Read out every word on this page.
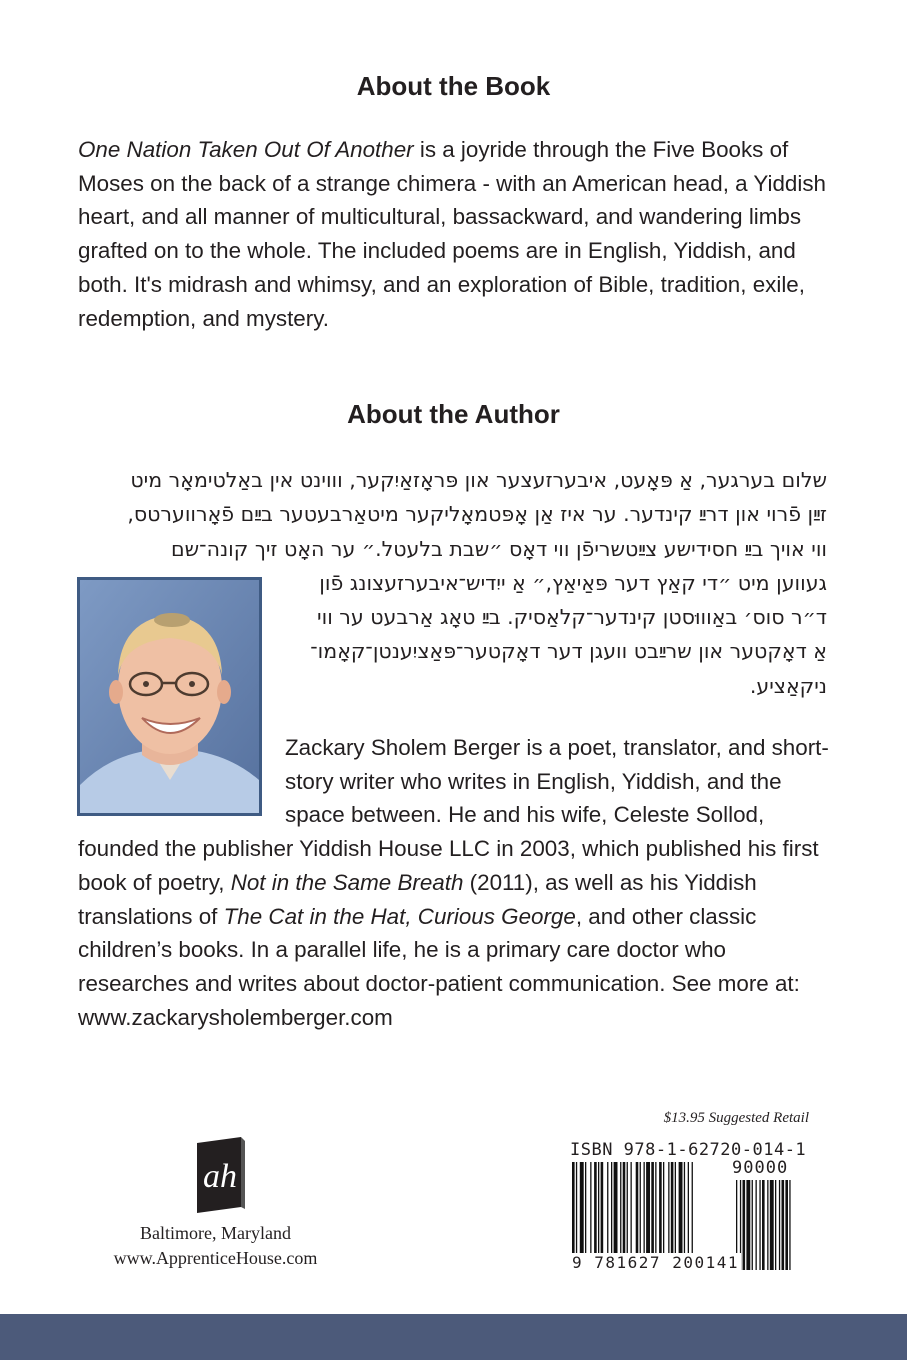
About the Book

One Nation Taken Out Of Another is a joyride through the Five Books of Moses on the back of a strange chimera - with an American head, a Yiddish heart, and all manner of multicultural, bassackward, and wandering limbs grafted on to the whole. The included poems are in English, Yiddish, and both. It's midrash and whimsy, and an exploration of Bible, tradition, exile, redemption, and mystery.

About the Author
שלום בערגער, אַ פּאָעט, איבערזעצער און פּראָזאַיִקער, וווינט אין באַלטימאָר מיט
זײַן פֿרוי און דרײַ קינדער. ער איז אַן אָפּטמאָליקער מיטאַרבעטער בײַם פֿאָרווערטס,
ווי אויך בײַ חסידישע צײַטשריפֿן ווי דאָס ״שבת בלעטל.״ ער האָט זיך קונה־שם
געווען מיט ״די קאַץ דער פּאַיאַץ,״ אַ ייִדיש־איבערזעצונג פֿון
ד״ר סוס׳ באַוווּסטן קינדער־קלאַסיק. בײַ טאָג אַרבעט ער ווי
אַ דאָקטער און שרײַבט וועגן דער דאָקטער־פּאַציִענטן־קאָמו־
ניקאַציע.
Zackary Sholem Berger is a poet, translator, and short-story writer who writes in English, Yiddish, and the space between. He and his wife, Celeste Sollod, founded the publisher Yiddish House LLC in 2003, which published his first book of poetry, Not in the Same Breath (2011), as well as his Yiddish translations of The Cat in the Hat, Curious George, and other classic children’s books. In a parallel life, he is a primary care doctor who researches and writes about doctor-patient communication. See more at: www.zackarysholemberger.com
ah
Baltimore, Maryland
www.ApprenticeHouse.com
$13.95 Suggested Retail
ISBN 978-1-62720-014-1
90000
9 781627 200141
